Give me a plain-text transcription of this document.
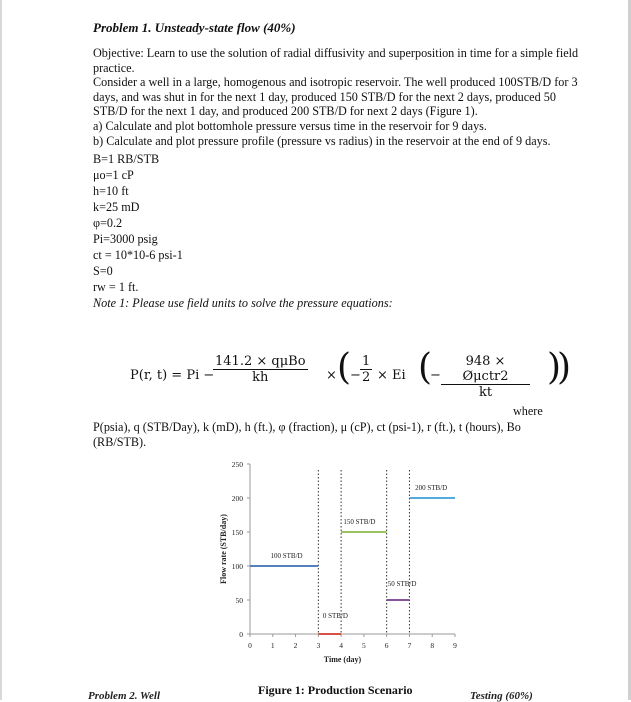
Problem 1. Unsteady-state flow (40%)

Objective: Learn to use the solution of radial diffusivity and superposition in time for a simple field practice.

Consider a well in a large, homogenous and isotropic reservoir. The well produced 100STB/D for 3 days, and was shut in for the next 1 day, produced 150 STB/D for the next 2 days, produced 50 STB/D for the next 1 day, and produced 200 STB/D for next 2 days (Figure 1).

a) Calculate and plot bottomhole pressure versus time in the reservoir for 9 days.

b) Calculate and plot pressure profile (pressure vs radius) in the reservoir at the end of 9 days.

B=1 RB/STB
μo=1 cP
h=10 ft
k=25 mD
φ=0.2
Pi=3000 psig
ct = 10*10-6 psi-1
S=0
rw = 1 ft.
Note 1: Please use field units to solve the pressure equations:
P(r, t) = Pi −
141.2 × qμBo
kh	× (
− $\frac{1}{2} \times Ei$ (
−
948 × Øμctr2
kt
)
)
where
P(psia), q (STB/Day), k (mD), h (ft.), φ (fraction), μ (cP), ct (psi-1), r (ft.), t (hours), Bo (RB/STB).
0
50
100
150
200
250
0	1	2	3	4	5	6	7	8	9
100 STB/D
0 STB/D
150 STB/D
50 STB/D
200 STB/D
Time (day)
Flow rate (STB/day)
Figure 1: Production Scenario
Problem 2. Well	Testing (60%)
